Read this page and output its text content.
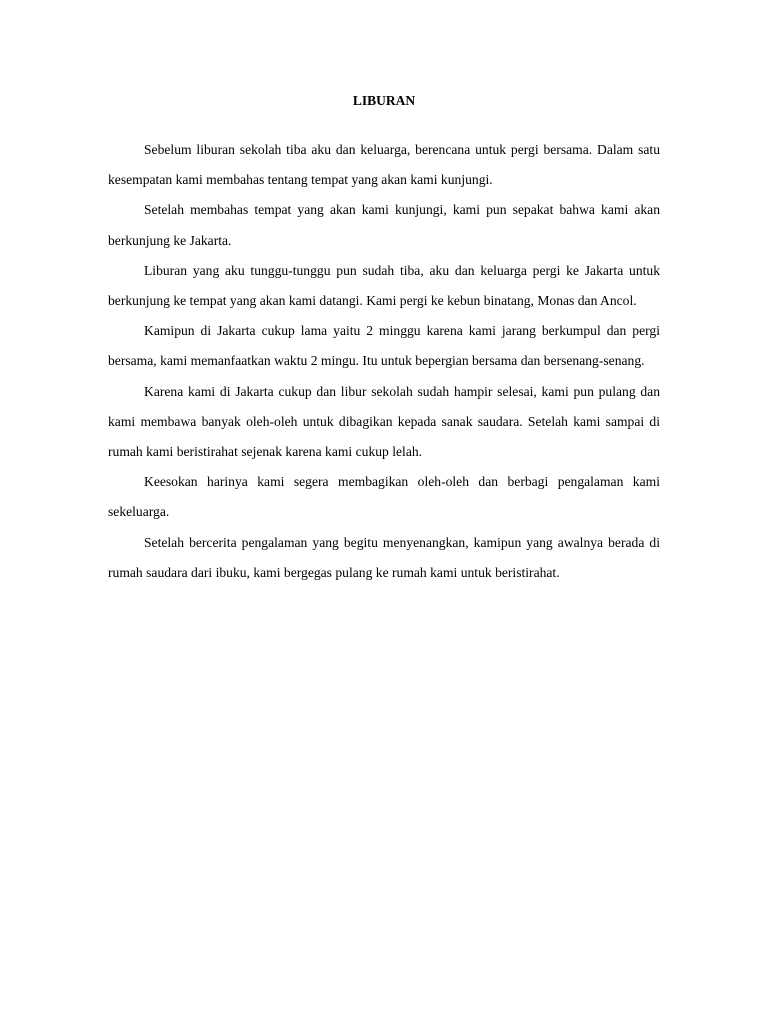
LIBURAN

Sebelum liburan sekolah tiba aku dan keluarga, berencana untuk pergi bersama. Dalam satu kesempatan kami membahas tentang tempat yang akan kami kunjungi.

Setelah membahas tempat yang akan kami kunjungi, kami pun sepakat bahwa kami akan berkunjung ke Jakarta.

Liburan yang aku tunggu-tunggu pun sudah tiba, aku dan keluarga pergi ke Jakarta untuk berkunjung ke tempat yang akan kami datangi. Kami pergi ke kebun binatang, Monas dan Ancol.

Kamipun di Jakarta cukup lama yaitu 2 minggu karena kami jarang berkumpul dan pergi bersama, kami memanfaatkan waktu 2 mingu. Itu untuk bepergian bersama dan bersenang-senang.

Karena kami di Jakarta cukup dan libur sekolah sudah hampir selesai, kami pun pulang dan kami membawa banyak oleh-oleh untuk dibagikan kepada sanak saudara. Setelah kami sampai di rumah kami beristirahat sejenak karena kami cukup lelah.

Keesokan harinya kami segera membagikan oleh-oleh dan berbagi pengalaman kami sekeluarga.

Setelah bercerita pengalaman yang begitu menyenangkan, kamipun yang awalnya berada di rumah saudara dari ibuku, kami bergegas pulang ke rumah kami untuk beristirahat.
